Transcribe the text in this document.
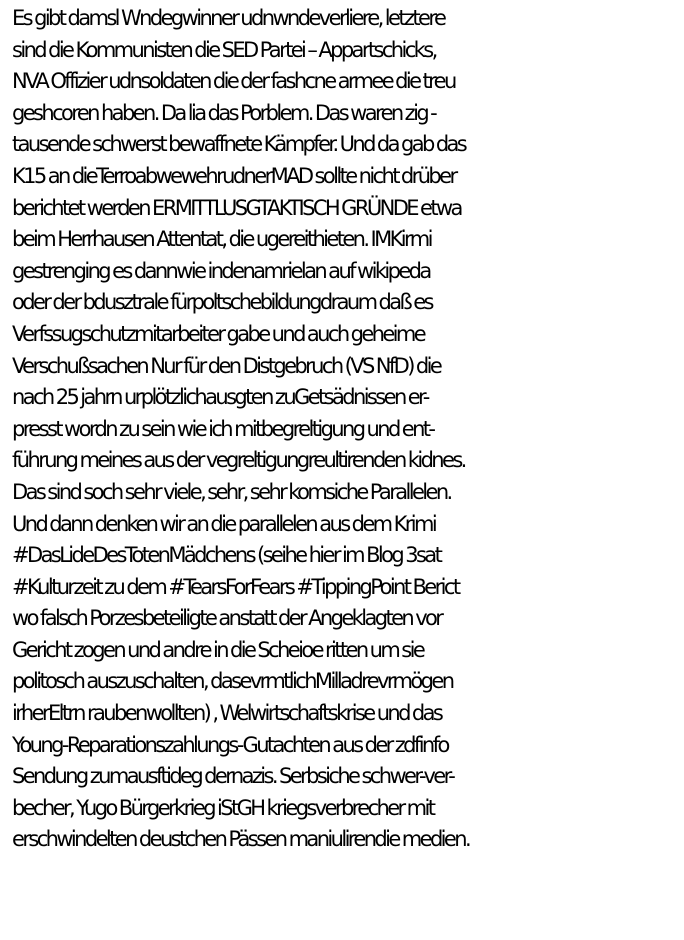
Es gibt damsl Wndegwinner udnwndeverliere, letztere
sind die Kommunisten die SED Partei – Appartschicks,
NVA Offizier udnsoldaten die der fashcne armee die treu
geshcoren haben. Da lia das Porblem. Das waren zig -
tausende schwerst bewaffnete Kämpfer. Und da gab das
K15 an dieTerroabwewehrudnerMAD sollte nicht drüber
berichtet werden ERMITTLUSGTAKTISCH GRÜNDE etwa
beim Herrhausen Attentat, die ugereithieten. IMKirmi
gestrenging es dannwie indenamrielan auf wikipeda
oder der bdusztrale fürpoltschebildungdraum daß es
Verfssugschutzmitarbeiter gabe und auch geheime
Verschußsachen Nur für den Distgebruch (VS NfD) die
nach 25 jahrn urplötzlichausgten zuGetsädnissen er-
presst wordn zu sein wie ich mitbegreltigung und ent-
führung meines aus der vegreltigungreultirenden kidnes.
Das sind soch sehr viele, sehr, sehr komsiche Parallelen.
Und dann denken wir an die parallelen aus dem Krimi
#DasLideDesTotenMädchens (seihe hier im Blog 3sat
#Kulturzeit zu dem #TearsForFears #TippingPoint Berict
wo falsch Porzesbeteiligte anstatt der Angeklagten vor
Gericht zogen und andre in die Scheioe ritten um sie
politosch auszuschalten, dasevrmtlichMilladrevrmögen
irherEltrn raubenwollten) , Welwirtschaftskrise und das
Young-Reparationszahlungs-Gutachten aus der zdfinfo
Sendung zumausftideg dernazis. Serbsiche schwer-ver-
becher, Yugo Bürgerkrieg iStGH kriegsverbrecher mit
erschwindelten deustchen Pässen maniulirendie medien.
